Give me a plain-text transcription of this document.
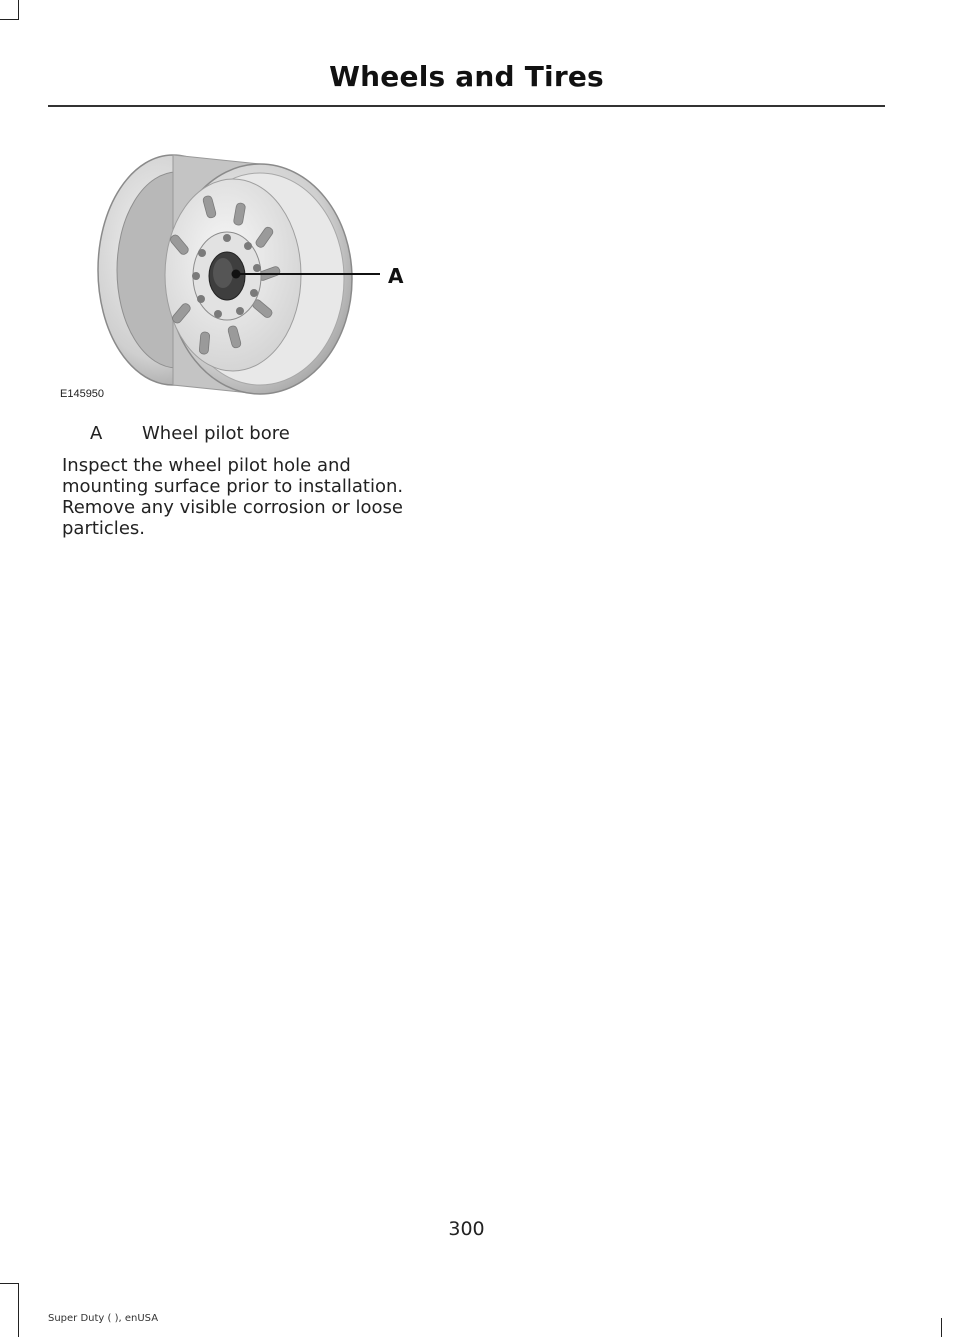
Wheels and Tires
A
E145950
A	Wheel pilot bore

Inspect the wheel pilot hole and mounting surface prior to installation. Remove any visible corrosion or loose particles.

300
Super Duty ( ), enUSA
